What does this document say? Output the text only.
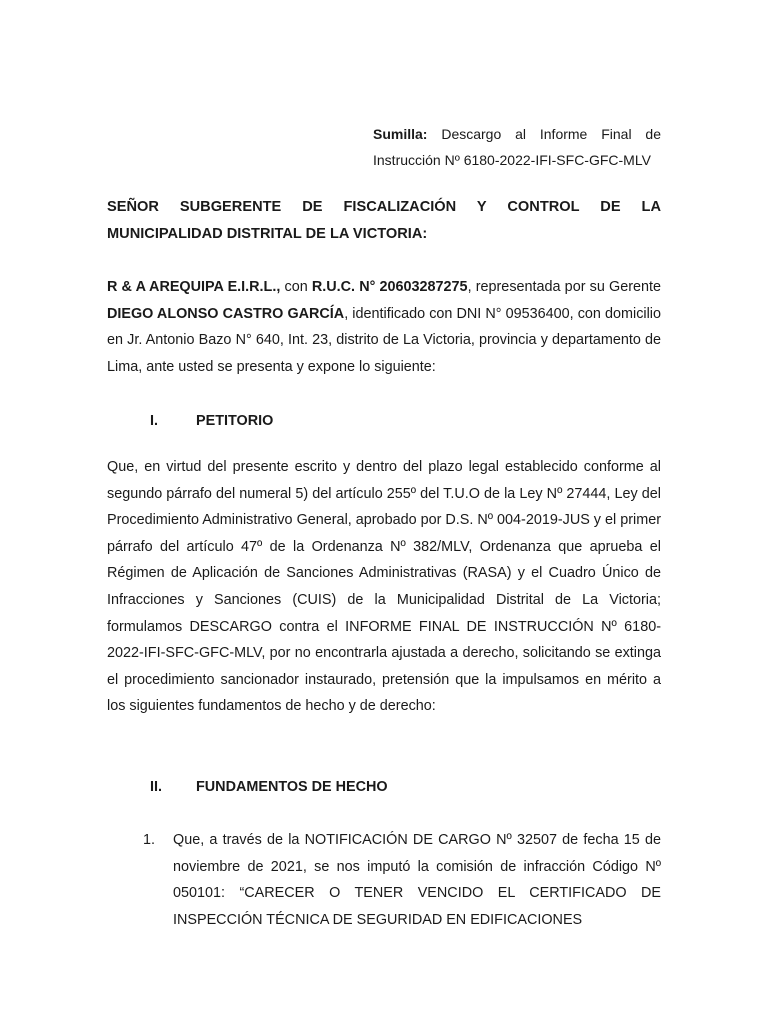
Sumilla: Descargo al Informe Final de Instrucción Nº 6180-2022-IFI-SFC-GFC-MLV
SEÑOR SUBGERENTE DE FISCALIZACIÓN Y CONTROL DE LA MUNICIPALIDAD DISTRITAL DE LA VICTORIA:
R & A AREQUIPA E.I.R.L., con R.U.C. N° 20603287275, representada por su Gerente DIEGO ALONSO CASTRO GARCÍA, identificado con DNI N° 09536400, con domicilio en Jr. Antonio Bazo N° 640, Int. 23, distrito de La Victoria, provincia y departamento de Lima, ante usted se presenta y expone lo siguiente:
I.	PETITORIO
Que, en virtud del presente escrito y dentro del plazo legal establecido conforme al segundo párrafo del numeral 5) del artículo 255º del T.U.O de la Ley Nº 27444, Ley del Procedimiento Administrativo General, aprobado por D.S. Nº 004-2019-JUS y el primer párrafo del artículo 47º de la Ordenanza Nº 382/MLV, Ordenanza que aprueba el Régimen de Aplicación de Sanciones Administrativas (RASA) y el Cuadro Único de Infracciones y Sanciones (CUIS) de la Municipalidad Distrital de La Victoria; formulamos DESCARGO contra el INFORME FINAL DE INSTRUCCIÓN Nº 6180-2022-IFI-SFC-GFC-MLV, por no encontrarla ajustada a derecho, solicitando se extinga el procedimiento sancionador instaurado, pretensión que la impulsamos en mérito a los siguientes fundamentos de hecho y de derecho:
II. FUNDAMENTOS DE HECHO
1. Que, a través de la NOTIFICACIÓN DE CARGO Nº 32507 de fecha 15 de noviembre de 2021, se nos imputó la comisión de infracción Código Nº 050101: “CARECER O TENER VENCIDO EL CERTIFICADO DE INSPECCIÓN TÉCNICA DE SEGURIDAD EN EDIFICACIONES
